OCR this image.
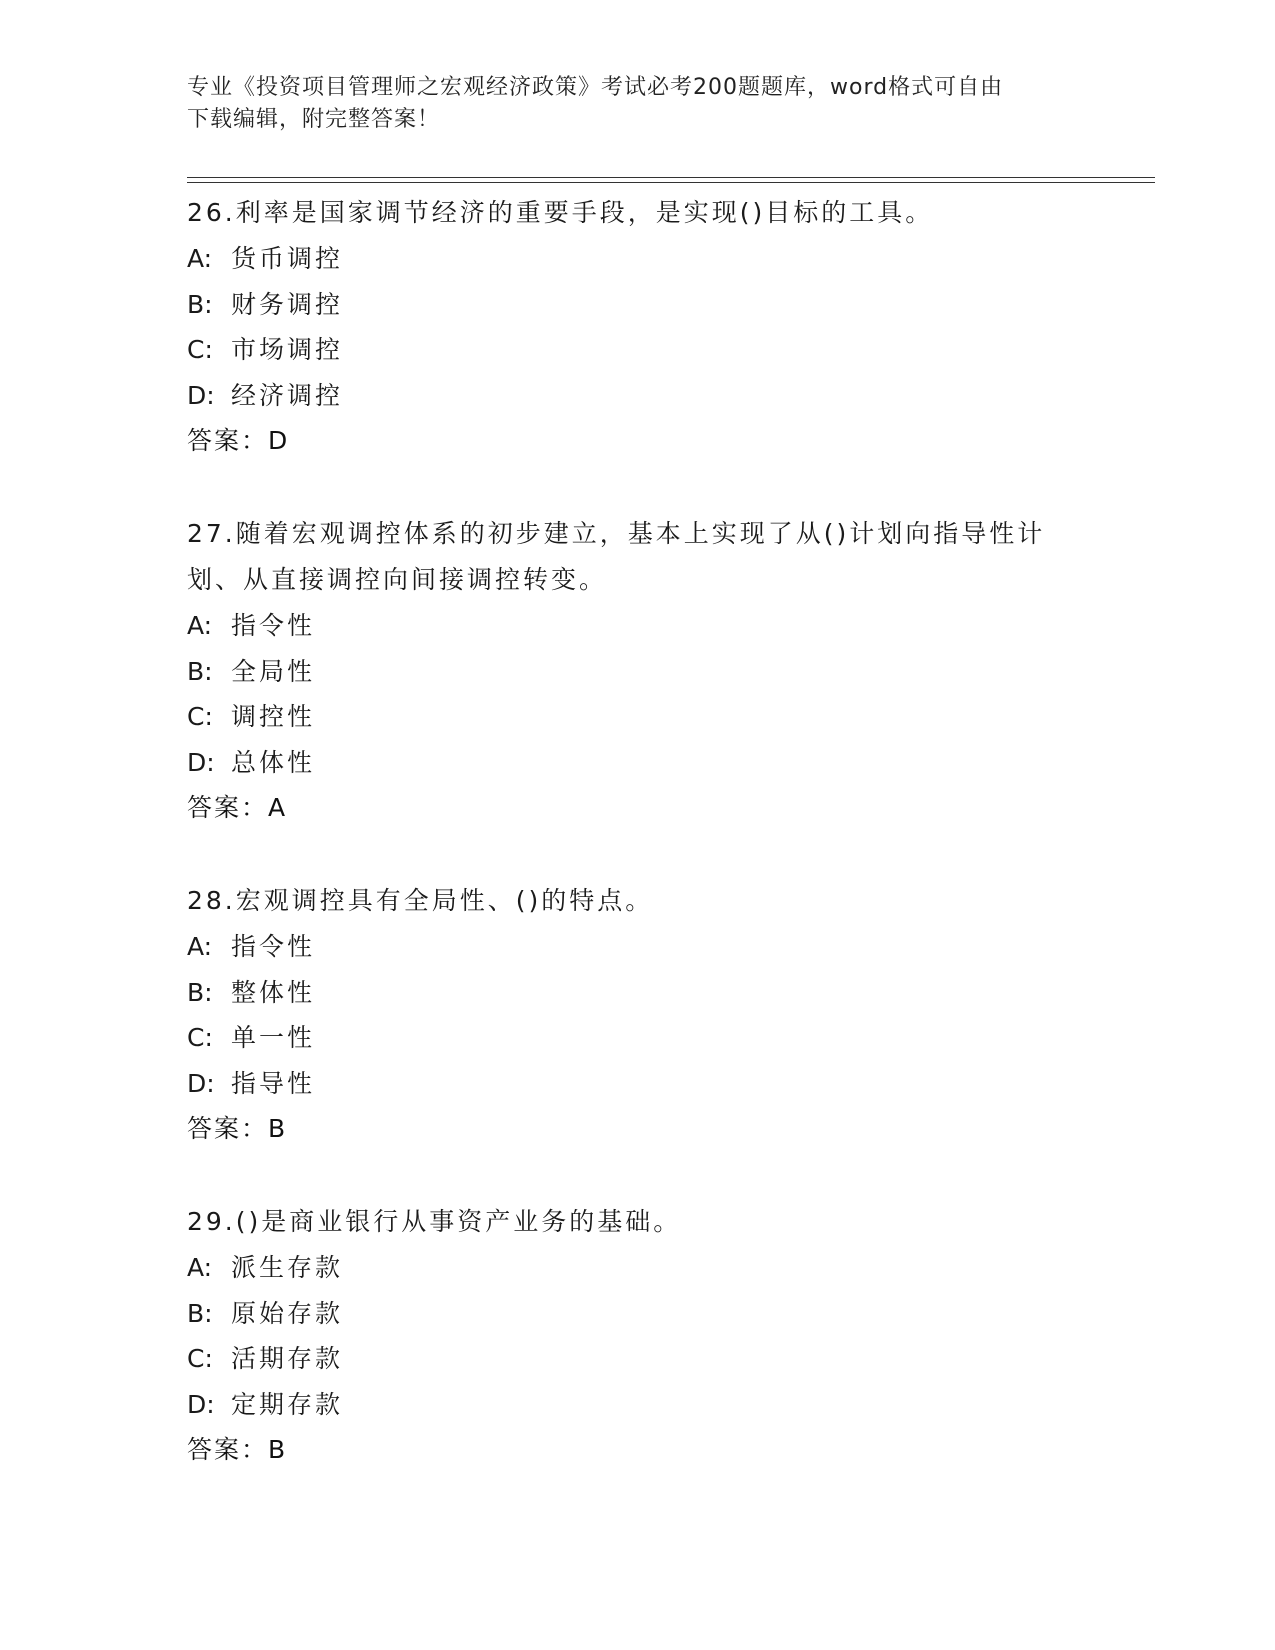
专业《投资项目管理师之宏观经济政策》考试必考200题题库，word格式可自由
下载编辑，附完整答案！
26.利率是国家调节经济的重要手段，是实现()目标的工具。
A: 货币调控
B: 财务调控
C: 市场调控
D: 经济调控
答案：D
27.随着宏观调控体系的初步建立，基本上实现了从()计划向指导性计划、从直接调控向间接调控转变。
A: 指令性
B: 全局性
C: 调控性
D: 总体性
答案：A
28.宏观调控具有全局性、()的特点。
A: 指令性
B: 整体性
C: 单一性
D: 指导性
答案：B
29.()是商业银行从事资产业务的基础。
A: 派生存款
B: 原始存款
C: 活期存款
D: 定期存款
答案：B
